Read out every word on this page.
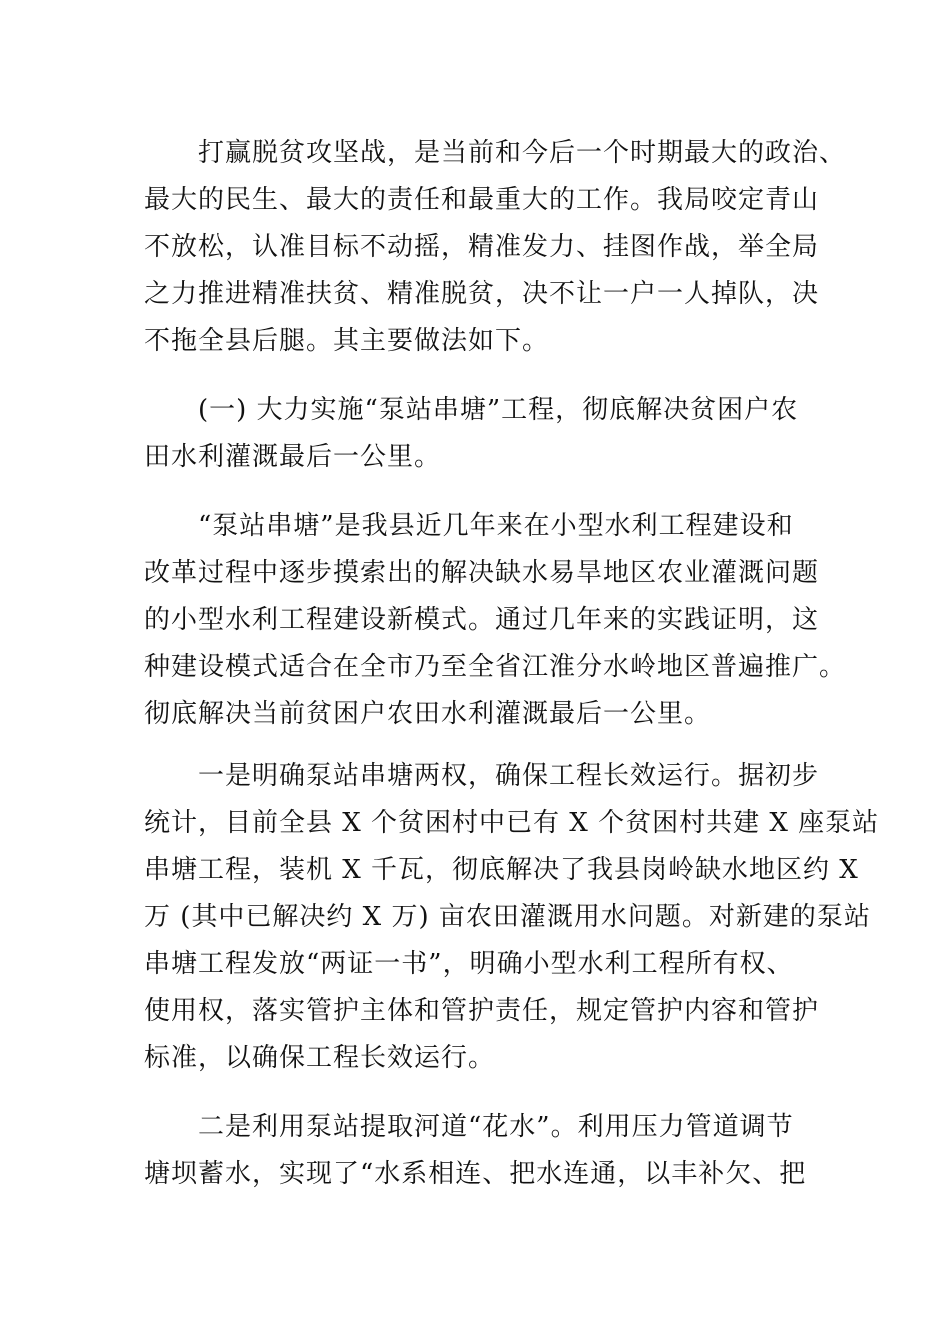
　　打赢脱贫攻坚战，是当前和今后一个时期最大的政治、
最大的民生、最大的责任和最重大的工作。我局咬定青山
不放松，认准目标不动摇，精准发力、挂图作战，举全局
之力推进精准扶贫、精准脱贫，决不让一户一人掉队，决
不拖全县后腿。其主要做法如下。

　　(一) 大力实施“泵站串塘”工程，彻底解决贫困户农
田水利灌溉最后一公里。

　　“泵站串塘”是我县近几年来在小型水利工程建设和
改革过程中逐步摸索出的解决缺水易旱地区农业灌溉问题
的小型水利工程建设新模式。通过几年来的实践证明，这
种建设模式适合在全市乃至全省江淮分水岭地区普遍推广。
彻底解决当前贫困户农田水利灌溉最后一公里。

　　一是明确泵站串塘两权，确保工程长效运行。据初步
统计，目前全县 X 个贫困村中已有 X 个贫困村共建 X 座泵站
串塘工程，装机 X 千瓦，彻底解决了我县岗岭缺水地区约 X
万 (其中已解决约 X 万) 亩农田灌溉用水问题。对新建的泵站
串塘工程发放“两证一书”，明确小型水利工程所有权、
使用权，落实管护主体和管护责任，规定管护内容和管护
标准，以确保工程长效运行。

　　二是利用泵站提取河道“花水”。利用压力管道调节
塘坝蓄水，实现了“水系相连、把水连通，以丰补欠、把
